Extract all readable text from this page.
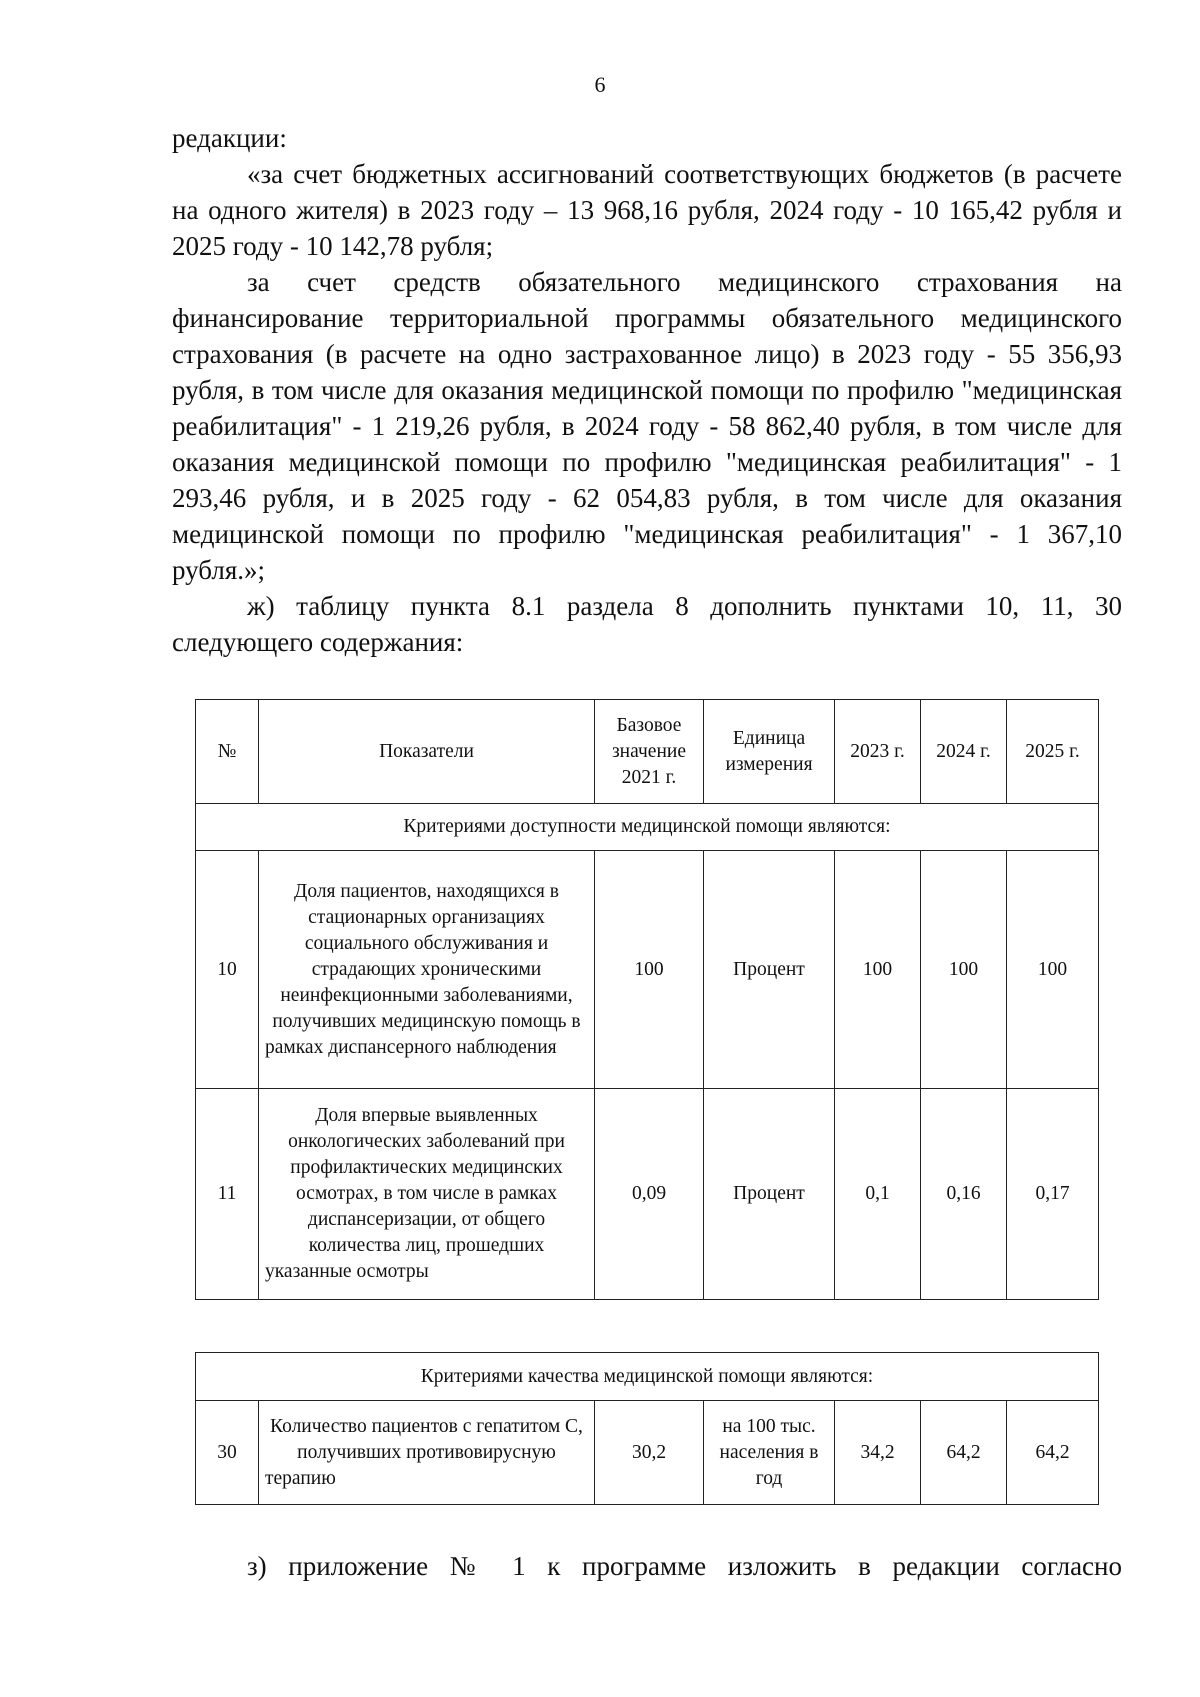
6

редакции:

«за счет бюджетных ассигнований соответствующих бюджетов (в расчете на одного жителя) в 2023 году – 13 968,16 рубля, 2024 году - 10 165,42 рубля и 2025 году - 10 142,78 рубля;

за счет средств обязательного медицинского страхования на финансирование территориальной программы обязательного медицинского страхования (в расчете на одно застрахованное лицо) в 2023 году - 55 356,93 рубля, в том числе для оказания медицинской помощи по профилю "медицинская реабилитация" - 1 219,26 рубля, в 2024 году - 58 862,40 рубля, в том числе для оказания медицинской помощи по профилю "медицинская реабилитация" - 1 293,46 рубля, и в 2025 году - 62 054,83 рубля, в том числе для оказания медицинской помощи по профилю "медицинская реабилитация" - 1 367,10 рубля.»;

ж) таблицу пункта 8.1 раздела 8 дополнить пунктами 10, 11, 30 следующего содержания:

№	Показатели	Базовое значение 2021 г.	Единица измерения	2023 г.	2024 г.	2025 г.
Критериями доступности медицинской помощи являются:						
10	Доля пациентов, находящихся в стационарных организациях социального обслуживания и страдающих хроническими неинфекционными заболеваниями, получивших медицинскую помощь в рамках диспансерного наблюдения	100	Процент	100	100	100
11	Доля впервые выявленных онкологических заболеваний при профилактических медицинских осмотрах, в том числе в рамках диспансеризации, от общего количества лиц, прошедших указанные осмотры	0,09	Процент	0,1	0,16	0,17
Критериями качества медицинской помощи являются:
30	Количество пациентов с гепатитом С, получивших противовирусную терапию	30,2	на 100 тыс. населения в год	34,2	64,2	64,2

з) приложение № 1 к программе изложить в редакции согласно
